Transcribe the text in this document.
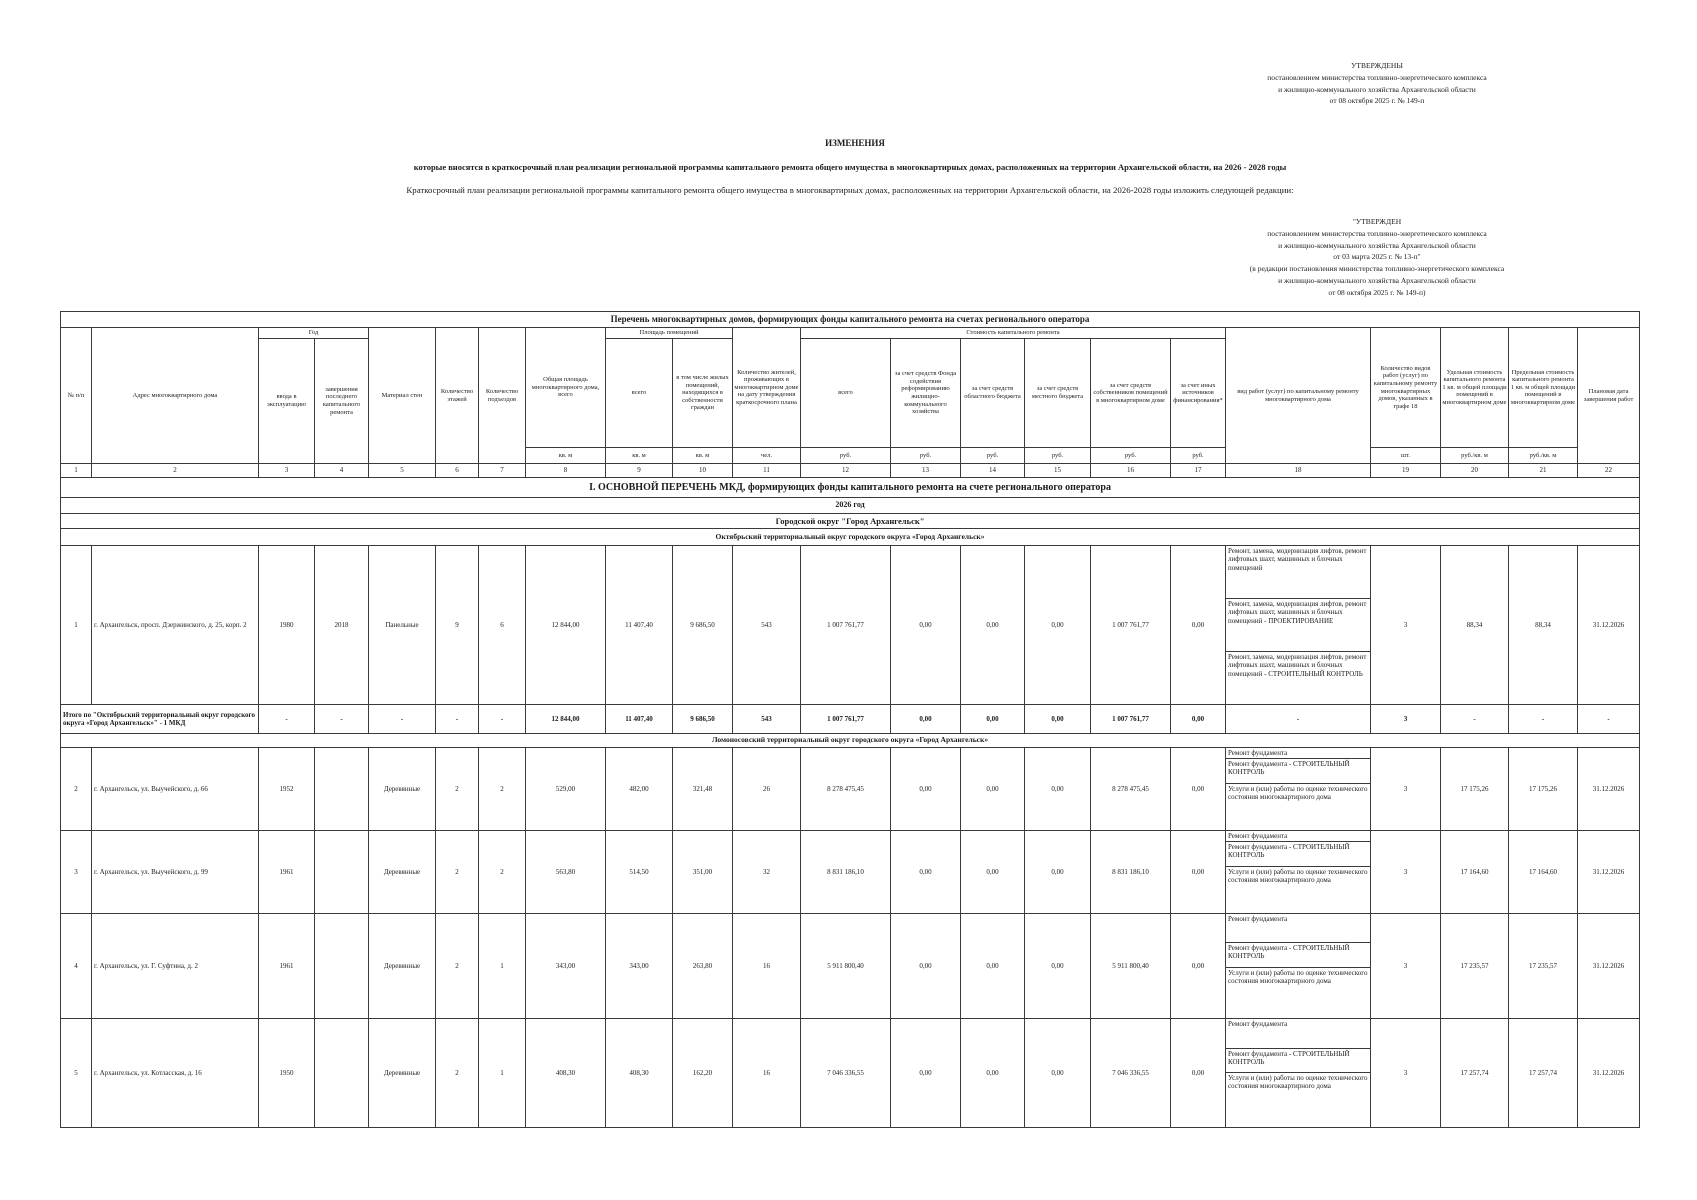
УТВЕРЖДЕНЫ
постановлением министерства топливно-энергетического комплекса
и жилищно-коммунального хозяйства Архангельской области
от 08 октября 2025 г. № 149-п
ИЗМЕНЕНИЯ
которые вносятся в краткосрочный план реализации региональной программы капитального ремонта общего имущества в многоквартирных домах, расположенных на территории Архангельской области, на 2026 - 2028 годы
Краткосрочный план реализации региональной программы капитального ремонта общего имущества в многоквартирных домах, расположенных на территории Архангельской области, на 2026-2028 годы изложить следующей редакции:
"УТВЕРЖДЕН
постановлением министерства топливно-энергетического комплекса
и жилищно-коммунального хозяйства Архангельской области
от 03 марта 2025 г. № 13-п"
(в редакции постановления министерства топливно-энергетического комплекса
и жилищно-коммунального хозяйства Архангельской области
от 08 октября 2025 г. № 149-п)
Перечень многоквартирных домов, формирующих фонды капитального ремонта на счетах регионального оператора																					
№ п/п	Адрес многоквартирного дома	Год		Материал стен	Количество этажей	Количество подъездов	Общая площадь многоквартирного дома, всего	Площадь помещений		Количество жителей, проживающих в многоквартирном доме на дату утверждения краткосрочного плана	Стоимость капитального ремонта						вид работ (услуг) по капитальному ремонту многоквартирного дома	Количество видов работ (услуг) по капитальному ремонту многоквартирных домов, указанных в графе 18	Удельная стоимость капитального ремонта 1 кв. м общей площади помещений в многоквартирном доме	Предельная стоимость капитального ремонта 1 кв. м общей площади помещений в многоквартирном доме	Плановая дата завершения работ
		ввода в эксплуатацию	завершения последнего капитального ремонта					всего	в том числе жилых помещений, находящихся в собственности граждан		всего	за счет средств Фонда содействия реформированию жилищно-коммунального хозяйства	за счет средств областного бюджета	за счет средств местного бюджета	за счет средств собственников помещений в многоквартирном доме	за счет иных источников финансирования*					
							кв. м	кв. м	кв. м	чел.	руб.	руб.	руб.	руб.	руб.	руб.		шт.	руб./кв. м	руб./кв. м	
1	2	3	4	5	6	7	8	9	10	11	12	13	14	15	16	17	18	19	20	21	22
I. ОСНОВНОЙ ПЕРЕЧЕНЬ МКД, формирующих фонды капитального ремонта на счете регионального оператора																					
2026 год																					
Городской округ "Город Архангельск"																					
Октябрьский территориальный округ городского округа «Город Архангельск»																					
1	г. Архангельск, просп. Дзержинского, д. 25, корп. 2	1980	2018	Панельные	9	6	12 844,00	11 407,40	9 686,50	543	1 007 761,77	0,00	0,00	0,00	1 007 761,77	0,00	Ремонт, замена, модернизация лифтов, ремонт лифтовых шахт, машинных и блочных помещений	3	88,34	88,34	31.12.2026
																	Ремонт, замена, модернизация лифтов, ремонт лифтовых шахт, машинных и блочных помещений - ПРОЕКТИРОВАНИЕ				
																	Ремонт, замена, модернизация лифтов, ремонт лифтовых шахт, машинных и блочных помещений - СТРОИТЕЛЬНЫЙ КОНТРОЛЬ				
Итого по "Октябрьский территориальный округ городского округа «Город Архангельск»" - 1 МКД		-	-	-	-	-	12 844,00	11 407,40	9 686,50	543	1 007 761,77	0,00	0,00	0,00	1 007 761,77	0,00	-	3	-	-	-
Ломоносовский территориальный округ городского округа «Город Архангельск»																					
2	г. Архангельск, ул. Выучейского, д. 66	1952		Деревянные	2	2	529,00	482,00	321,48	26	8 278 475,45	0,00	0,00	0,00	8 278 475,45	0,00	Ремонт фундамента	3	17 175,26	17 175,26	31.12.2026
																	Ремонт фундамента - СТРОИТЕЛЬНЫЙ КОНТРОЛЬ				
																	Услуги и (или) работы по оценке технического состояния многоквартирного дома				
3	г. Архангельск, ул. Выучейского, д. 99	1961		Деревянные	2	2	563,80	514,50	351,00	32	8 831 186,10	0,00	0,00	0,00	8 831 186,10	0,00	Ремонт фундамента	3	17 164,60	17 164,60	31.12.2026
																	Ремонт фундамента - СТРОИТЕЛЬНЫЙ КОНТРОЛЬ				
																	Услуги и (или) работы по оценке технического состояния многоквартирного дома				
4	г. Архангельск, ул. Г. Суфтина, д. 2	1961		Деревянные	2	1	343,00	343,00	263,80	16	5 911 800,40	0,00	0,00	0,00	5 911 800,40	0,00	Ремонт фундамента	3	17 235,57	17 235,57	31.12.2026
																	Ремонт фундамента - СТРОИТЕЛЬНЫЙ КОНТРОЛЬ				
																	Услуги и (или) работы по оценке технического состояния многоквартирного дома				
5	г. Архангельск, ул. Котласская, д. 16	1950		Деревянные	2	1	408,30	408,30	162,20	16	7 046 336,55	0,00	0,00	0,00	7 046 336,55	0,00	Ремонт фундамента	3	17 257,74	17 257,74	31.12.2026
																	Ремонт фундамента - СТРОИТЕЛЬНЫЙ КОНТРОЛЬ				
																	Услуги и (или) работы по оценке технического состояния многоквартирного дома				
